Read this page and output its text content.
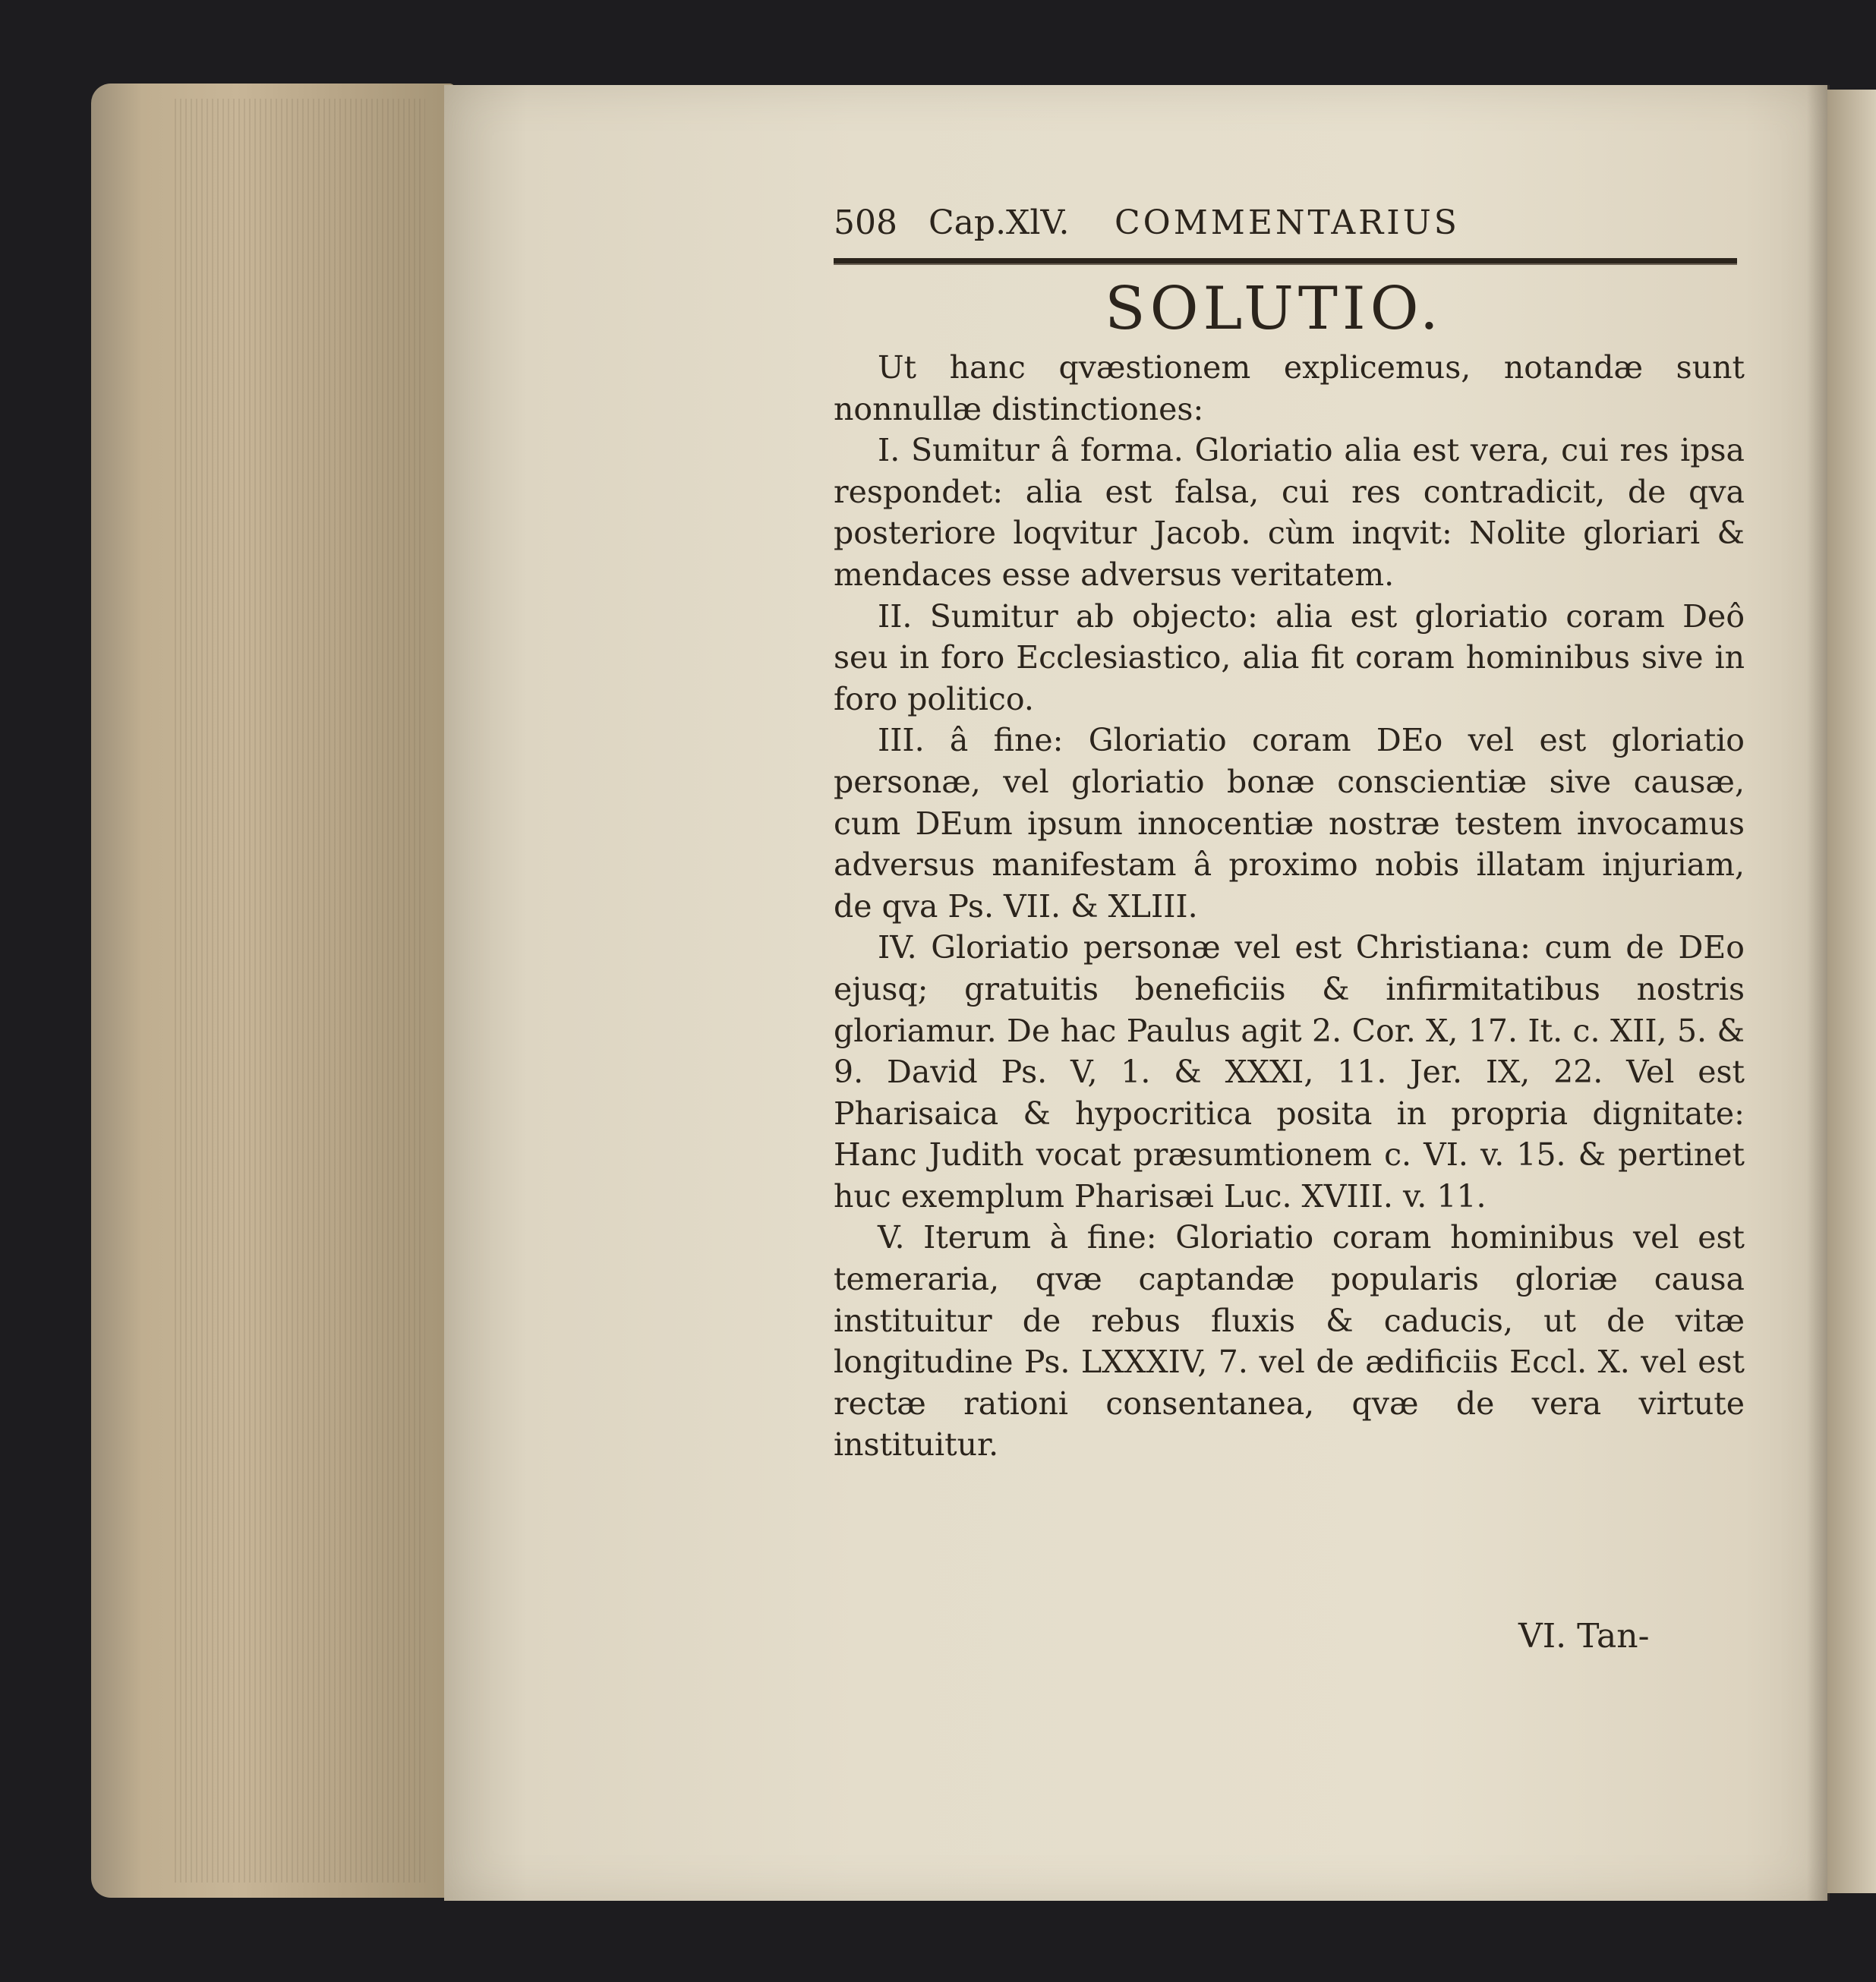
508 Cap.XlV.	COMMENTARIUS
SOLUTIO.

Ut hanc qvæstionem explicemus, notandæ sunt nonnullæ distinctiones:

I. Sumitur â forma. Gloriatio alia est vera, cui res ipsa respondet: alia est falsa, cui res contradicit, de qva posteriore loqvitur Jacob. cùm inqvit: Nolite gloriari & mendaces esse adversus veritatem.

II. Sumitur ab objecto: alia est gloriatio coram Deô seu in foro Ecclesiastico, alia fit coram hominibus sive in foro politico.

III. â fine: Gloriatio coram DEo vel est gloriatio personæ, vel gloriatio bonæ conscientiæ sive causæ, cum DEum ipsum innocentiæ nostræ testem invocamus adversus manifestam â proximo nobis illatam injuriam, de qva Ps. VII. & XLIII.

IV. Gloriatio personæ vel est Christiana: cum de DEo ejusq; gratuitis beneficiis & infirmitatibus nostris gloriamur. De hac Paulus agit 2. Cor. X, 17. It. c. XII, 5. & 9. David Ps. V, 1. & XXXI, 11. Jer. IX, 22. Vel est Pharisaica & hypocritica posita in propria dignitate: Hanc Judith vocat præsumtionem c. VI. v. 15. & pertinet huc exemplum Pharisæi Luc. XVIII. v. 11.

V. Iterum à fine: Gloriatio coram hominibus vel est temeraria, qvæ captandæ popularis gloriæ causa instituitur de rebus fluxis & caducis, ut de vitæ longitudine Ps. LXXXIV, 7. vel de ædificiis Eccl. X. vel est rectæ rationi consentanea, qvæ de vera virtute instituitur.

VI. Tan-
